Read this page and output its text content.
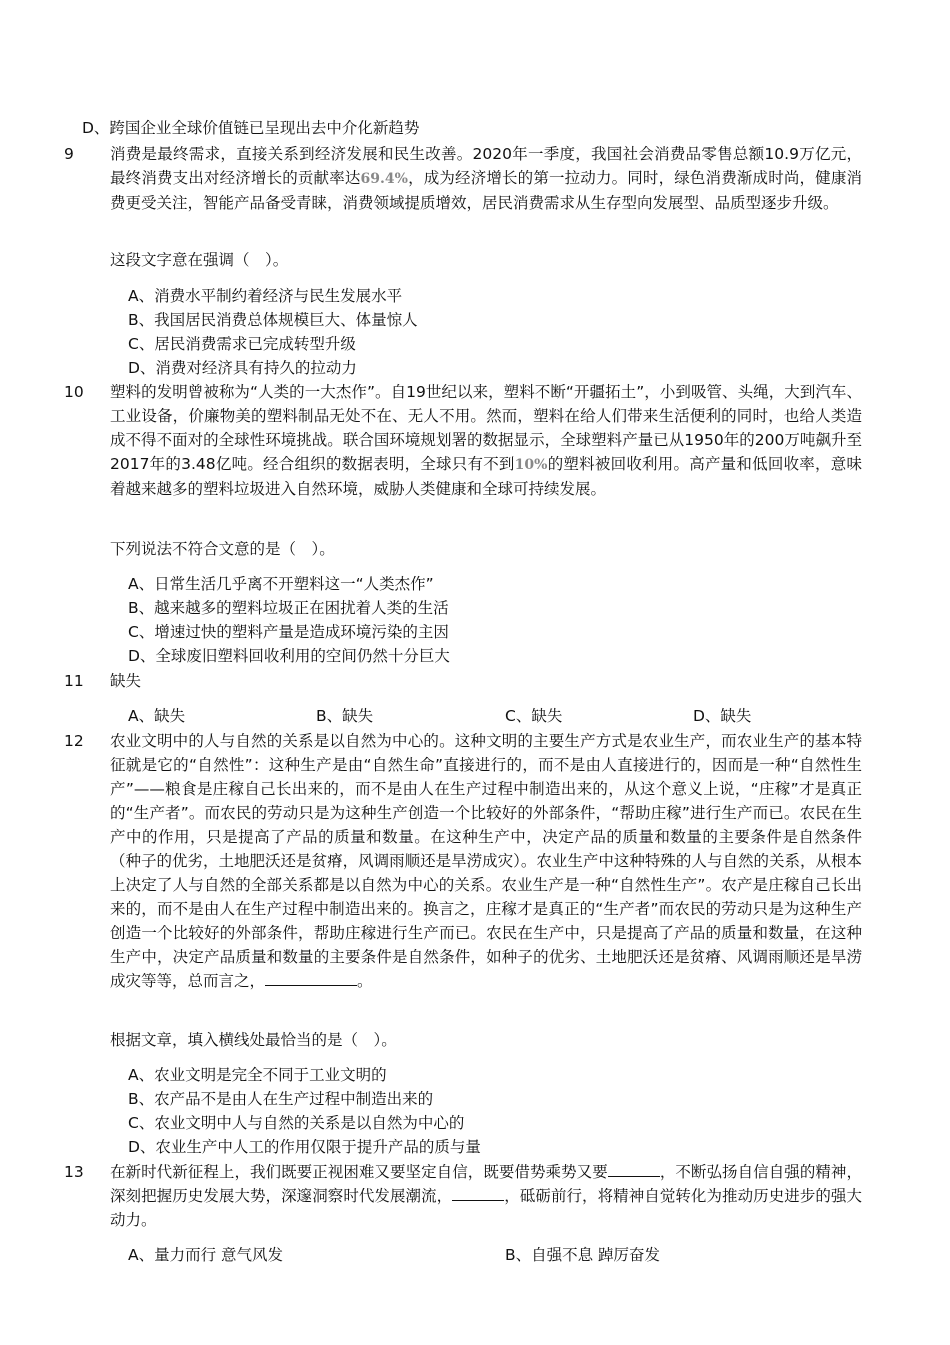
D、跨国企业全球价值链已呈现出去中介化新趋势
9 消费是最终需求，直接关系到经济发展和民生改善。2020年一季度，我国社会消费品零售总额10.9万亿元，最终消费支出对经济增长的贡献率达69.4%，成为经济增长的第一拉动力。同时，绿色消费渐成时尚，健康消费更受关注，智能产品备受青睐，消费领域提质增效，居民消费需求从生存型向发展型、品质型逐步升级。
这段文字意在强调（　）。
A、消费水平制约着经济与民生发展水平
B、我国居民消费总体规模巨大、体量惊人
C、居民消费需求已完成转型升级
D、消费对经济具有持久的拉动力
10 塑料的发明曾被称为“人类的一大杰作”。自19世纪以来，塑料不断“开疆拓土”，小到吸管、头绳，大到汽车、工业设备，价廉物美的塑料制品无处不在、无人不用。然而，塑料在给人们带来生活便利的同时，也给人类造成不得不面对的全球性环境挑战。联合国环境规划署的数据显示，全球塑料产量已从1950年的200万吨飙升至2017年的3.48亿吨。经合组织的数据表明，全球只有不到10%的塑料被回收利用。高产量和低回收率，意味着越来越多的塑料垃圾进入自然环境，威胁人类健康和全球可持续发展。
下列说法不符合文意的是（　）。
A、日常生活几乎离不开塑料这一“人类杰作”
B、越来越多的塑料垃圾正在困扰着人类的生活
C、增速过快的塑料产量是造成环境污染的主因
D、全球废旧塑料回收利用的空间仍然十分巨大
11 缺失
A、缺失	B、缺失	C、缺失	D、缺失
12 农业文明中的人与自然的关系是以自然为中心的。这种文明的主要生产方式是农业生产，而农业生产的基本特征就是它的“自然性”：这种生产是由“自然生命”直接进行的，而不是由人直接进行的，因而是一种“自然性生产”——粮食是庄稼自己长出来的，而不是由人在生产过程中制造出来的，从这个意义上说，“庄稼”才是真正的“生产者”。而农民的劳动只是为这种生产创造一个比较好的外部条件，“帮助庄稼”进行生产而已。农民在生产中的作用，只是提高了产品的质量和数量。在这种生产中，决定产品的质量和数量的主要条件是自然条件（种子的优劣，土地肥沃还是贫瘠，风调雨顺还是旱涝成灾）。农业生产中这种特殊的人与自然的关系，从根本上决定了人与自然的全部关系都是以自然为中心的关系。农业生产是一种“自然性生产”。农产是庄稼自己长出来的，而不是由人在生产过程中制造出来的。换言之，庄稼才是真正的“生产者”而农民的劳动只是为这种生产创造一个比较好的外部条件，帮助庄稼进行生产而已。农民在生产中，只是提高了产品的质量和数量，在这种生产中，决定产品质量和数量的主要条件是自然条件，如种子的优劣、土地肥沃还是贫瘠、风调雨顺还是旱涝成灾等等，总而言之，	。
根据文章，填入横线处最恰当的是（　）。
A、农业文明是完全不同于工业文明的
B、农产品不是由人在生产过程中制造出来的
C、农业文明中人与自然的关系是以自然为中心的
D、农业生产中人工的作用仅限于提升产品的质与量
13 在新时代新征程上，我们既要正视困难又要坚定自信，既要借势乘势又要	，不断弘扬自信自强的精神，深刻把握历史发展大势，深邃洞察时代发展潮流，	，砥砺前行，将精神自觉转化为推动历史进步的强大动力。
A、量力而行 意气风发	B、自强不息 踔厉奋发
